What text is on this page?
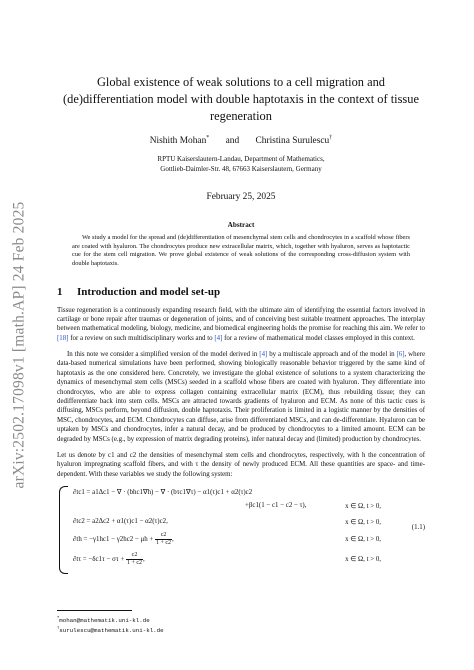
arXiv:2502.17098v1 [math.AP] 24 Feb 2025
Global existence of weak solutions to a cell migration and (de)differentiation model with double haptotaxis in the context of tissue regeneration
Nishith Mohan* and Christina Surulescu†
RPTU Kaiserslautern-Landau, Department of Mathematics,
Gottlieb-Daimler-Str. 48, 67663 Kaiserslautern, Germany
February 25, 2025
Abstract
We study a model for the spread and (de)differentiation of mesenchymal stem cells and chondrocytes in a scaffold whose fibers are coated with hyaluron. The chondrocytes produce new extracellular matrix, which, together with hyaluron, serves as haptotactic cue for the stem cell migration. We prove global existence of weak solutions of the corresponding cross-diffusion system with double haptotaxis.
1 Introduction and model set-up

Tissue regeneration is a continuously expanding research field, with the ultimate aim of identifying the essential factors involved in cartilage or bone repair after traumas or degeneration of joints, and of conceiving best suitable treatment approaches. The interplay between mathematical modeling, biology, medicine, and biomedical engineering holds the promise for reaching this aim. We refer to [18] for a review on such multidisciplinary works and to [4] for a review of mathematical model classes employed in this context.

In this note we consider a simplified version of the model derived in [4] by a multiscale approach and of the model in [6], where data-based numerical simulations have been performed, showing biologically reasonable behavior triggered by the same kind of haptotaxis as the one considered here. Concretely, we investigate the global existence of solutions to a system characterizing the dynamics of mesenchymal stem cells (MSCs) seeded in a scaffold whose fibers are coated with hyaluron. They differentiate into chondrocytes, who are able to express collagen containing extracellular matrix (ECM), thus rebuilding tissue; they can dedifferentiate back into stem cells. MSCs are attracted towards gradients of hyaluron and ECM. As none of this tactic cues is diffusing, MSCs perform, beyond diffusion, double haptotaxis. Their proliferation is limited in a logistic manner by the densities of MSC, chondrocytes, and ECM. Chondrocytes can diffuse, arise from differentiated MSCs, and can de-differentiate. Hyaluron can be uptaken by MSCs and chondrocytes, infer a natural decay, and be produced by chondrocytes to a limited amount. ECM can be degraded by MSCs (e.g., by expression of matrix degrading proteins), infer natural decay and (limited) production by chondrocytes.

Let us denote by c1 and c2 the densities of mesenchymal stem cells and chondrocytes, respectively, with h the concentration of hyaluron impregnating scaffold fibers, and with τ the density of newly produced ECM. All these quantities are space- and time-dependent. With these variables we study the following system:

∂tc1 = a1Δc1 − ∇ · (bhc1∇h) − ∇ · (bτc1∇τ) − α1(τ)c1 + α2(τ)c2
+βc1(1 − c1 − c2 − τ),	x ∈ Ω, t > 0,
∂tc2 = a2Δc2 + α1(τ)c1 − α2(τ)c2,	x ∈ Ω, t > 0,
$\partial th = -\gamma 1hc1 - \gamma 2hc2 - \mu h + \frac{c2}{1 + c2}$ ,	x ∈ Ω, t > 0,
$\partial t\tau = -\delta c1\tau - \sigma\tau + \frac{c2}{1 + c2}$ ,	x ∈ Ω, t > 0,
(1.1)
*mohan@mathematik.uni-kl.de
†surulescu@mathematik.uni-kl.de
